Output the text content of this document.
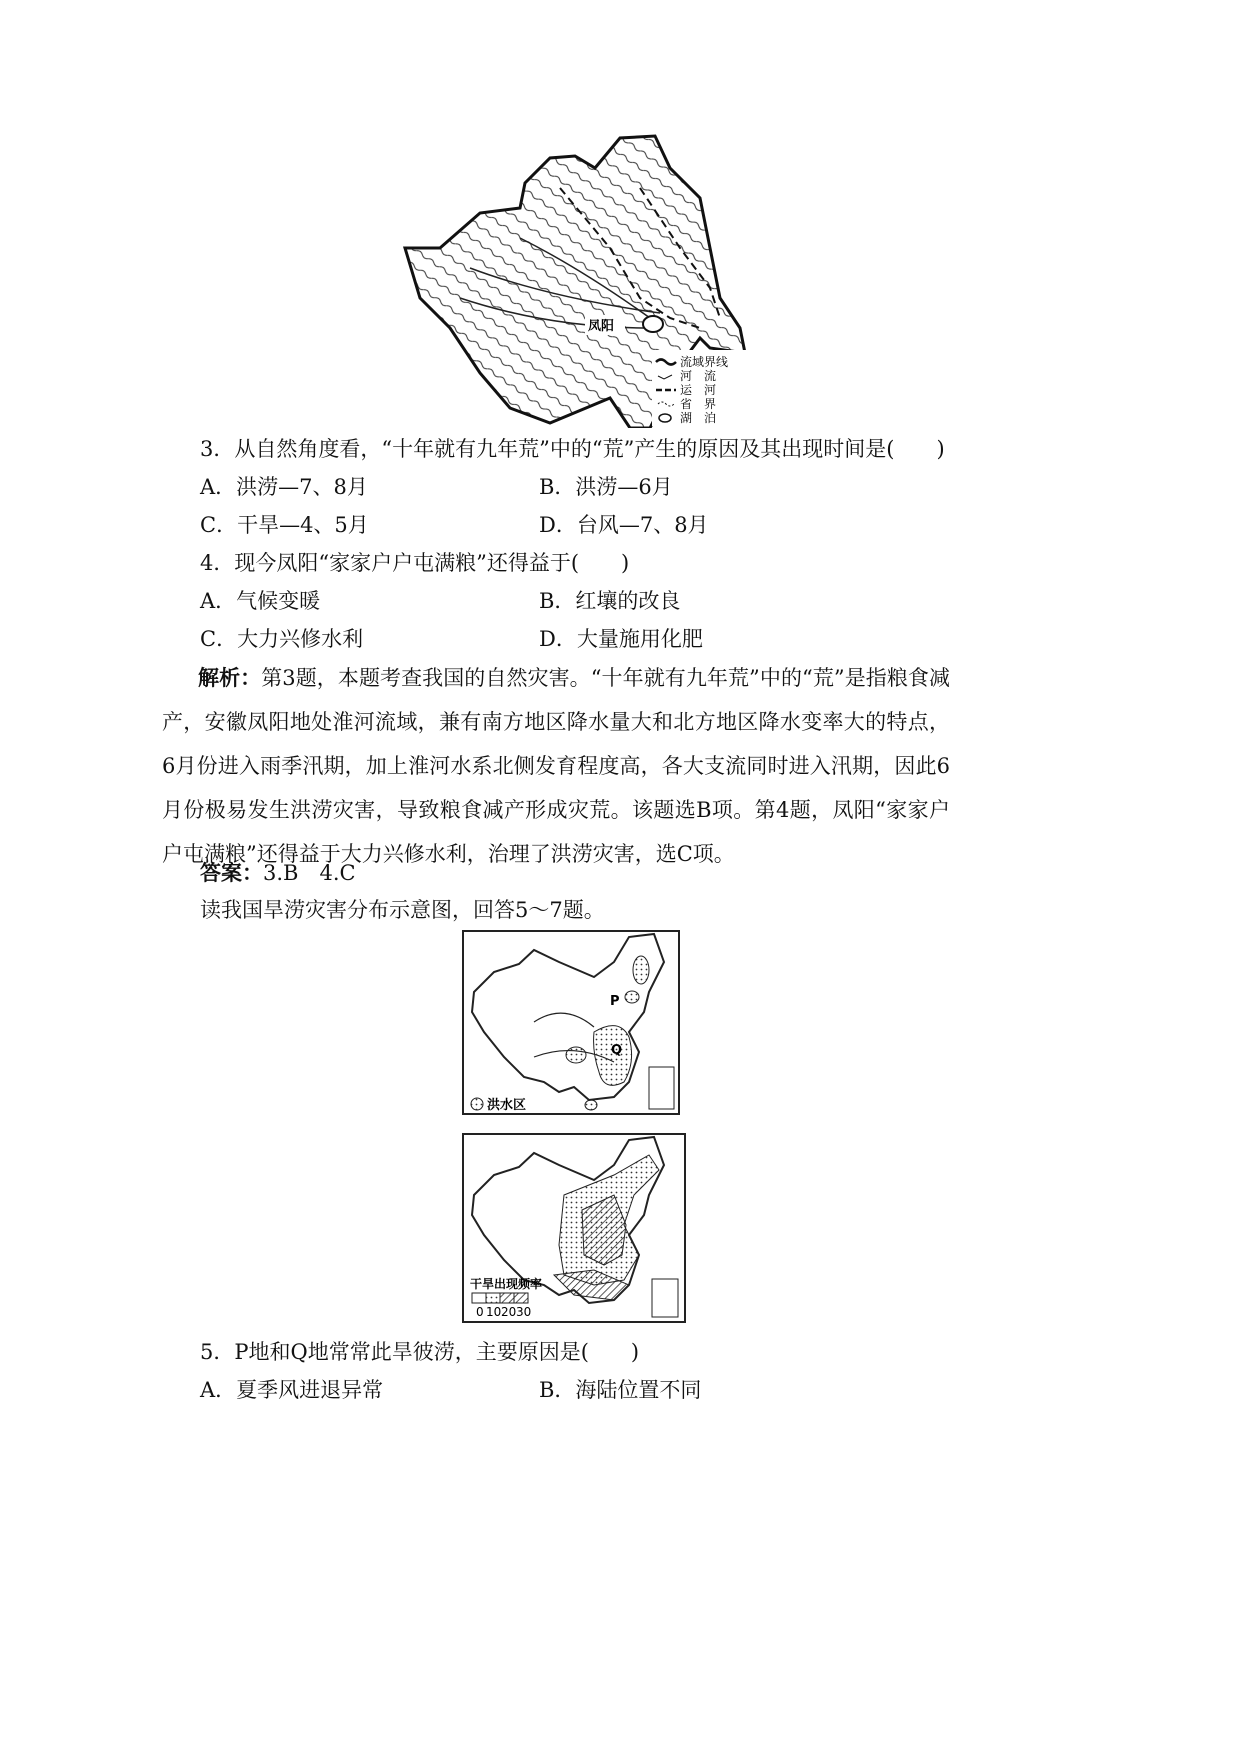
凤阳
流域界线
河　流
运　河
省　界
湖　泊
3．从自然角度看，“十年就有九年荒”中的“荒”产生的原因及其出现时间是(　　)
A．洪涝—7、8月	B．洪涝—6月
C．干旱—4、5月	D．台风—7、8月
4．现今凤阳“家家户户屯满粮”还得益于(　　)
A．气候变暖	B．红壤的改良
C．大力兴修水利	D．大量施用化肥
解析：第3题，本题考查我国的自然灾害。“十年就有九年荒”中的“荒”是指粮食减产，安徽凤阳地处淮河流域，兼有南方地区降水量大和北方地区降水变率大的特点，6月份进入雨季汛期，加上淮河水系北侧发育程度高，各大支流同时进入汛期，因此6月份极易发生洪涝灾害，导致粮食减产形成灾荒。该题选B项。第4题，凤阳“家家户户屯满粮”还得益于大力兴修水利，治理了洪涝灾害，选C项。
答案：3.B　4.C
读我国旱涝灾害分布示意图，回答5～7题。
P
Q
洪水区
干旱出现频率
0 10 20 30
5．P地和Q地常常此旱彼涝，主要原因是(　　)
A．夏季风进退异常	B．海陆位置不同
